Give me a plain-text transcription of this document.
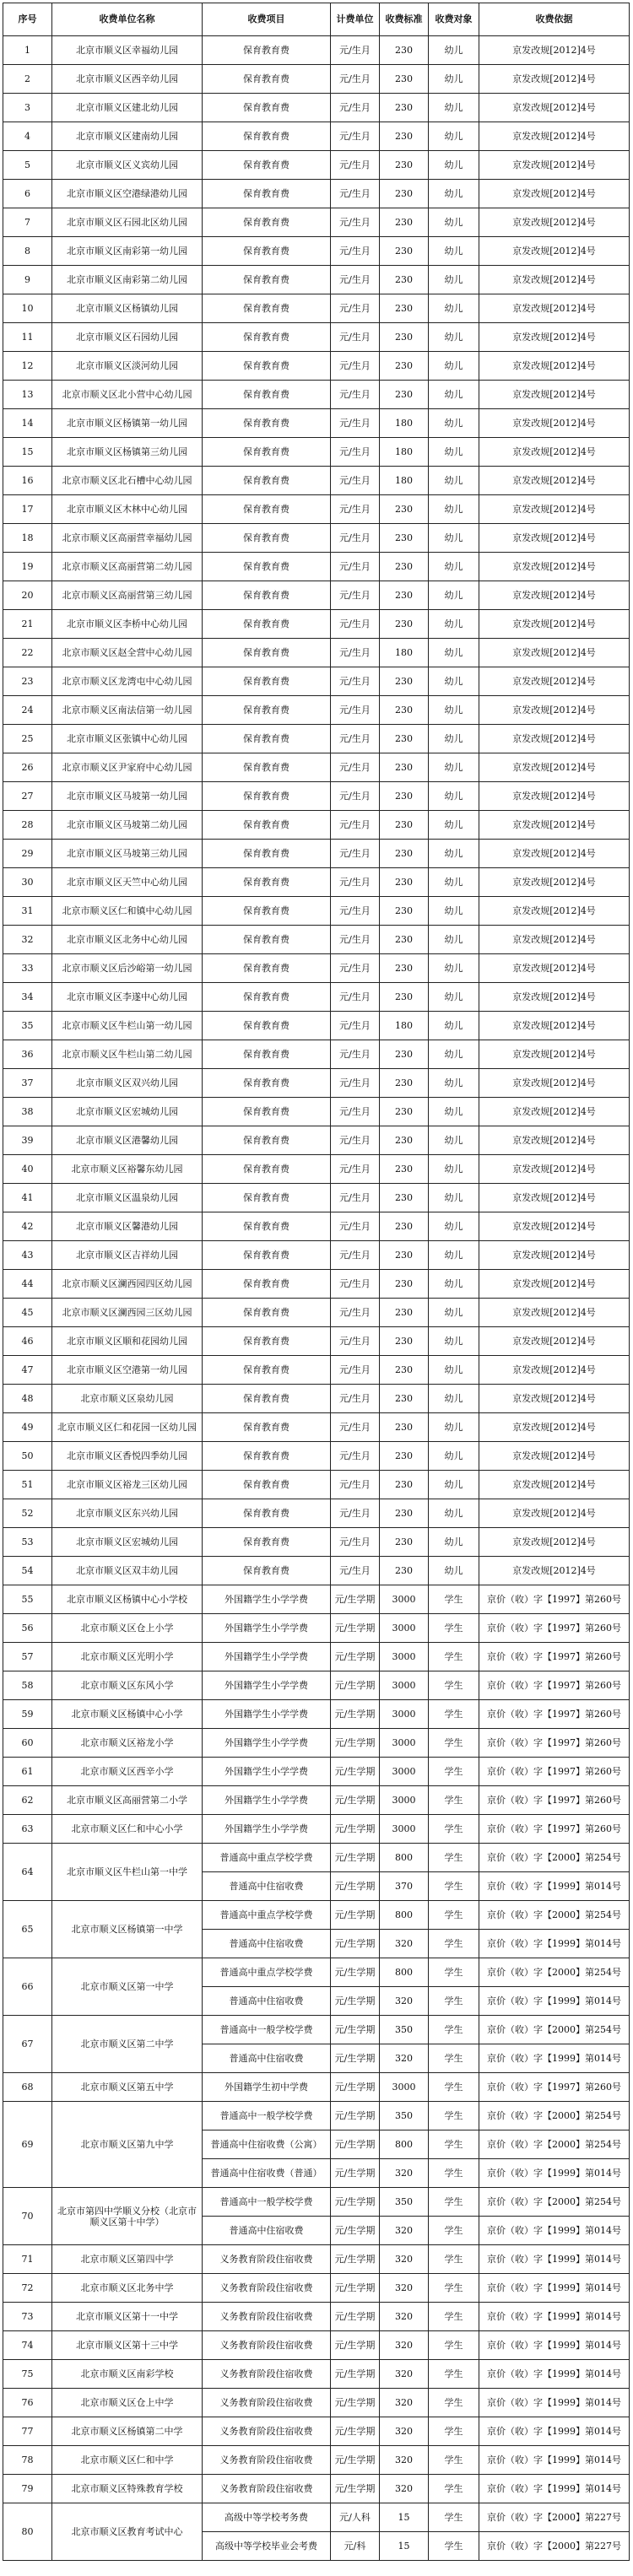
序号	收费单位名称	收费项目	计费单位	收费标准	收费对象	收费依据
1	北京市顺义区幸福幼儿园	保育教育费	元/生月	230	幼儿	京发改规[2012]4号
2	北京市顺义区西辛幼儿园	保育教育费	元/生月	230	幼儿	京发改规[2012]4号
3	北京市顺义区建北幼儿园	保育教育费	元/生月	230	幼儿	京发改规[2012]4号
4	北京市顺义区建南幼儿园	保育教育费	元/生月	230	幼儿	京发改规[2012]4号
5	北京市顺义区义宾幼儿园	保育教育费	元/生月	230	幼儿	京发改规[2012]4号
6	北京市顺义区空港绿港幼儿园	保育教育费	元/生月	230	幼儿	京发改规[2012]4号
7	北京市顺义区石园北区幼儿园	保育教育费	元/生月	230	幼儿	京发改规[2012]4号
8	北京市顺义区南彩第一幼儿园	保育教育费	元/生月	230	幼儿	京发改规[2012]4号
9	北京市顺义区南彩第二幼儿园	保育教育费	元/生月	230	幼儿	京发改规[2012]4号
10	北京市顺义区杨镇幼儿园	保育教育费	元/生月	230	幼儿	京发改规[2012]4号
11	北京市顺义区石园幼儿园	保育教育费	元/生月	230	幼儿	京发改规[2012]4号
12	北京市顺义区淡河幼儿园	保育教育费	元/生月	230	幼儿	京发改规[2012]4号
13	北京市顺义区北小营中心幼儿园	保育教育费	元/生月	230	幼儿	京发改规[2012]4号
14	北京市顺义区杨镇第一幼儿园	保育教育费	元/生月	180	幼儿	京发改规[2012]4号
15	北京市顺义区杨镇第三幼儿园	保育教育费	元/生月	180	幼儿	京发改规[2012]4号
16	北京市顺义区北石槽中心幼儿园	保育教育费	元/生月	180	幼儿	京发改规[2012]4号
17	北京市顺义区木林中心幼儿园	保育教育费	元/生月	230	幼儿	京发改规[2012]4号
18	北京市顺义区高丽营幸福幼儿园	保育教育费	元/生月	230	幼儿	京发改规[2012]4号
19	北京市顺义区高丽营第二幼儿园	保育教育费	元/生月	230	幼儿	京发改规[2012]4号
20	北京市顺义区高丽营第三幼儿园	保育教育费	元/生月	230	幼儿	京发改规[2012]4号
21	北京市顺义区李桥中心幼儿园	保育教育费	元/生月	230	幼儿	京发改规[2012]4号
22	北京市顺义区赵全营中心幼儿园	保育教育费	元/生月	180	幼儿	京发改规[2012]4号
23	北京市顺义区龙湾屯中心幼儿园	保育教育费	元/生月	230	幼儿	京发改规[2012]4号
24	北京市顺义区南法信第一幼儿园	保育教育费	元/生月	230	幼儿	京发改规[2012]4号
25	北京市顺义区张镇中心幼儿园	保育教育费	元/生月	230	幼儿	京发改规[2012]4号
26	北京市顺义区尹家府中心幼儿园	保育教育费	元/生月	230	幼儿	京发改规[2012]4号
27	北京市顺义区马坡第一幼儿园	保育教育费	元/生月	230	幼儿	京发改规[2012]4号
28	北京市顺义区马坡第二幼儿园	保育教育费	元/生月	230	幼儿	京发改规[2012]4号
29	北京市顺义区马坡第三幼儿园	保育教育费	元/生月	230	幼儿	京发改规[2012]4号
30	北京市顺义区天竺中心幼儿园	保育教育费	元/生月	230	幼儿	京发改规[2012]4号
31	北京市顺义区仁和镇中心幼儿园	保育教育费	元/生月	230	幼儿	京发改规[2012]4号
32	北京市顺义区北务中心幼儿园	保育教育费	元/生月	230	幼儿	京发改规[2012]4号
33	北京市顺义区后沙峪第一幼儿园	保育教育费	元/生月	230	幼儿	京发改规[2012]4号
34	北京市顺义区李遂中心幼儿园	保育教育费	元/生月	230	幼儿	京发改规[2012]4号
35	北京市顺义区牛栏山第一幼儿园	保育教育费	元/生月	180	幼儿	京发改规[2012]4号
36	北京市顺义区牛栏山第二幼儿园	保育教育费	元/生月	230	幼儿	京发改规[2012]4号
37	北京市顺义区双兴幼儿园	保育教育费	元/生月	230	幼儿	京发改规[2012]4号
38	北京市顺义区宏城幼儿园	保育教育费	元/生月	230	幼儿	京发改规[2012]4号
39	北京市顺义区港馨幼儿园	保育教育费	元/生月	230	幼儿	京发改规[2012]4号
40	北京市顺义区裕馨东幼儿园	保育教育费	元/生月	230	幼儿	京发改规[2012]4号
41	北京市顺义区温泉幼儿园	保育教育费	元/生月	230	幼儿	京发改规[2012]4号
42	北京市顺义区馨港幼儿园	保育教育费	元/生月	230	幼儿	京发改规[2012]4号
43	北京市顺义区吉祥幼儿园	保育教育费	元/生月	230	幼儿	京发改规[2012]4号
44	北京市顺义区澜西园四区幼儿园	保育教育费	元/生月	230	幼儿	京发改规[2012]4号
45	北京市顺义区澜西园三区幼儿园	保育教育费	元/生月	230	幼儿	京发改规[2012]4号
46	北京市顺义区顺和花园幼儿园	保育教育费	元/生月	230	幼儿	京发改规[2012]4号
47	北京市顺义区空港第一幼儿园	保育教育费	元/生月	230	幼儿	京发改规[2012]4号
48	北京市顺义区泉幼儿园	保育教育费	元/生月	230	幼儿	京发改规[2012]4号
49	北京市顺义区仁和花园一区幼儿园	保育教育费	元/生月	230	幼儿	京发改规[2012]4号
50	北京市顺义区香悦四季幼儿园	保育教育费	元/生月	230	幼儿	京发改规[2012]4号
51	北京市顺义区裕龙三区幼儿园	保育教育费	元/生月	230	幼儿	京发改规[2012]4号
52	北京市顺义区东兴幼儿园	保育教育费	元/生月	230	幼儿	京发改规[2012]4号
53	北京市顺义区宏城幼儿园	保育教育费	元/生月	230	幼儿	京发改规[2012]4号
54	北京市顺义区双丰幼儿园	保育教育费	元/生月	230	幼儿	京发改规[2012]4号
55	北京市顺义区杨镇中心小学校	外国籍学生小学学费	元/生学期	3000	学生	京价（收）字【1997】第260号
56	北京市顺义区仓上小学	外国籍学生小学学费	元/生学期	3000	学生	京价（收）字【1997】第260号
57	北京市顺义区光明小学	外国籍学生小学学费	元/生学期	3000	学生	京价（收）字【1997】第260号
58	北京市顺义区东风小学	外国籍学生小学学费	元/生学期	3000	学生	京价（收）字【1997】第260号
59	北京市顺义区杨镇中心小学	外国籍学生小学学费	元/生学期	3000	学生	京价（收）字【1997】第260号
60	北京市顺义区裕龙小学	外国籍学生小学学费	元/生学期	3000	学生	京价（收）字【1997】第260号
61	北京市顺义区西辛小学	外国籍学生小学学费	元/生学期	3000	学生	京价（收）字【1997】第260号
62	北京市顺义区高丽营第二小学	外国籍学生小学学费	元/生学期	3000	学生	京价（收）字【1997】第260号
63	北京市顺义区仁和中心小学	外国籍学生小学学费	元/生学期	3000	学生	京价（收）字【1997】第260号
64	北京市顺义区牛栏山第一中学	普通高中重点学校学费	元/生学期	800	学生	京价（收）字【2000】第254号
		普通高中住宿收费	元/生学期	370	学生	京价（收）字【1999】第014号
65	北京市顺义区杨镇第一中学	普通高中重点学校学费	元/生学期	800	学生	京价（收）字【2000】第254号
		普通高中住宿收费	元/生学期	320	学生	京价（收）字【1999】第014号
66	北京市顺义区第一中学	普通高中重点学校学费	元/生学期	800	学生	京价（收）字【2000】第254号
		普通高中住宿收费	元/生学期	320	学生	京价（收）字【1999】第014号
67	北京市顺义区第二中学	普通高中一般学校学费	元/生学期	350	学生	京价（收）字【2000】第254号
		普通高中住宿收费	元/生学期	320	学生	京价（收）字【1999】第014号
68	北京市顺义区第五中学	外国籍学生初中学费	元/生学期	3000	学生	京价（收）字【1997】第260号
69	北京市顺义区第九中学	普通高中一般学校学费	元/生学期	350	学生	京价（收）字【2000】第254号
		普通高中住宿收费（公寓）	元/生学期	800	学生	京价（收）字【2000】第254号
		普通高中住宿收费（普通）	元/生学期	320	学生	京价（收）字【1999】第014号
70	北京市第四中学顺义分校（北京市顺义区第十中学）	普通高中一般学校学费	元/生学期	350	学生	京价（收）字【2000】第254号
		普通高中住宿收费	元/生学期	320	学生	京价（收）字【1999】第014号
71	北京市顺义区第四中学	义务教育阶段住宿收费	元/生学期	320	学生	京价（收）字【1999】第014号
72	北京市顺义区北务中学	义务教育阶段住宿收费	元/生学期	320	学生	京价（收）字【1999】第014号
73	北京市顺义区第十一中学	义务教育阶段住宿收费	元/生学期	320	学生	京价（收）字【1999】第014号
74	北京市顺义区第十三中学	义务教育阶段住宿收费	元/生学期	320	学生	京价（收）字【1999】第014号
75	北京市顺义区南彩学校	义务教育阶段住宿收费	元/生学期	320	学生	京价（收）字【1999】第014号
76	北京市顺义区仓上中学	义务教育阶段住宿收费	元/生学期	320	学生	京价（收）字【1999】第014号
77	北京市顺义区杨镇第二中学	义务教育阶段住宿收费	元/生学期	320	学生	京价（收）字【1999】第014号
78	北京市顺义区仁和中学	义务教育阶段住宿收费	元/生学期	320	学生	京价（收）字【1999】第014号
79	北京市顺义区特殊教育学校	义务教育阶段住宿收费	元/生学期	320	学生	京价（收）字【1999】第014号
80	北京市顺义区教育考试中心	高级中等学校考务费	元/人科	15	学生	京价（收）字【2000】第227号
		高级中等学校毕业会考费	元/科	15	学生	京价（收）字【2000】第227号
